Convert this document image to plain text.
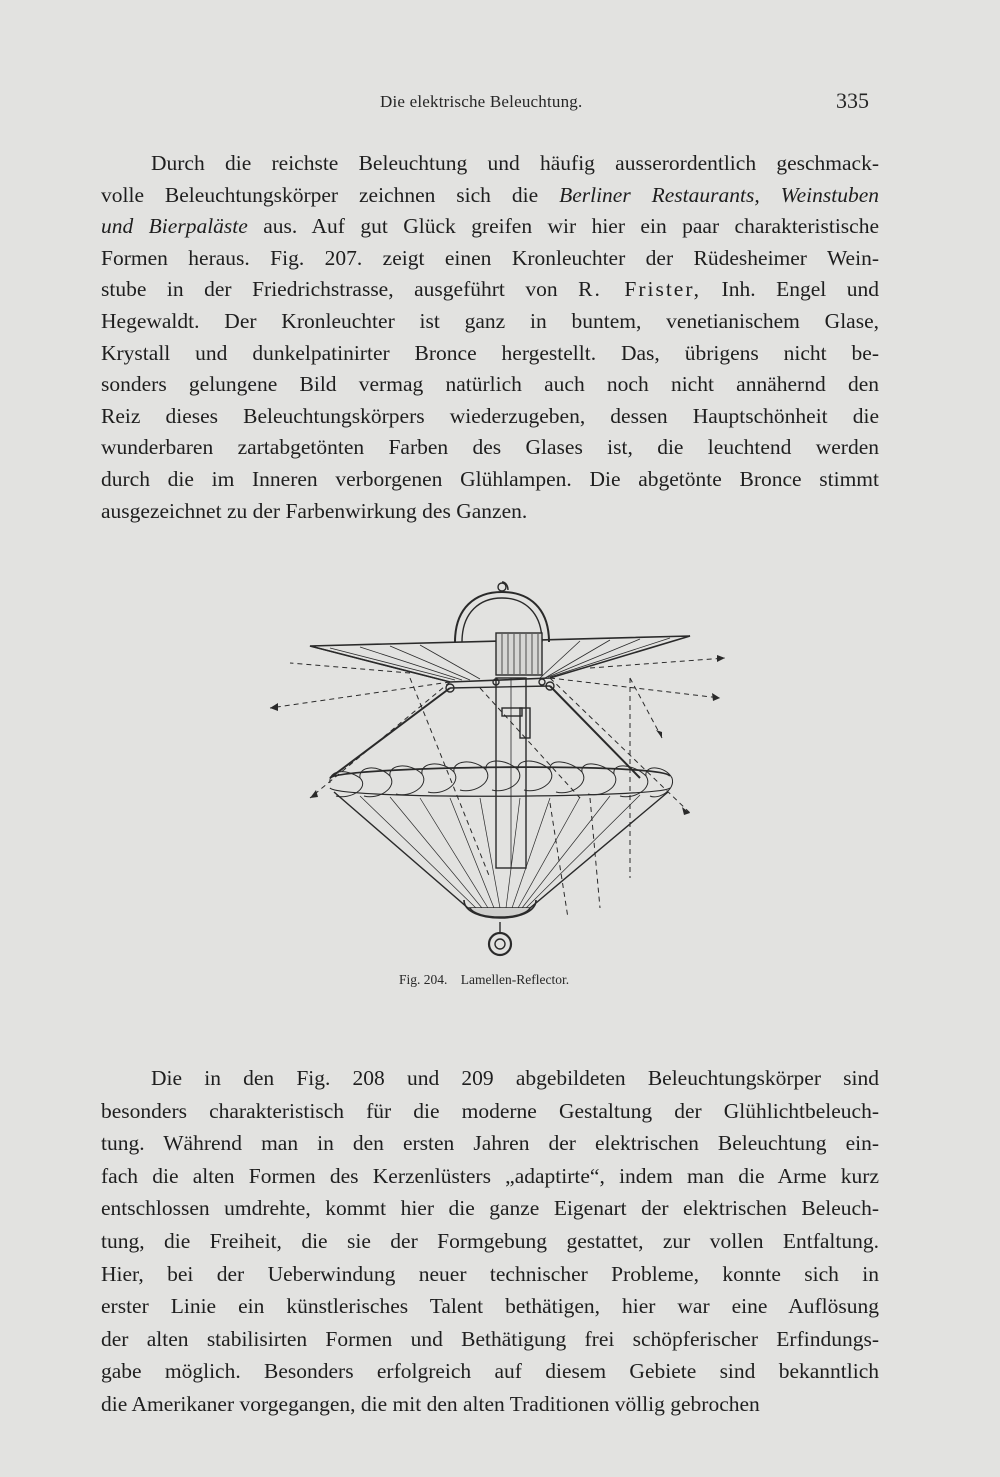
Die elektrische Beleuchtung.	335

Durch die reichste Beleuchtung und häufig ausserordentlich geschmack-
volle Beleuchtungskörper zeichnen sich die Berliner Restaurants, Weinstuben
und Bierpaläste aus. Auf gut Glück greifen wir hier ein paar charakteristische
Formen heraus. Fig. 207. zeigt einen Kronleuchter der Rüdesheimer Wein-
stube in der Friedrichstrasse, ausgeführt von R. Frister, Inh. Engel und
Hegewaldt. Der Kronleuchter ist ganz in buntem, venetianischem Glase,
Krystall und dunkelpatinirter Bronce hergestellt. Das, übrigens nicht be-
sonders gelungene Bild vermag natürlich auch noch nicht annähernd den
Reiz dieses Beleuchtungskörpers wiederzugeben, dessen Hauptschönheit die
wunderbaren zartabgetönten Farben des Glases ist, die leuchtend werden
durch die im Inneren verborgenen Glühlampen. Die abgetönte Bronce stimmt
ausgezeichnet zu der Farbenwirkung des Ganzen.

Fig. 204. Lamellen-Reflector.

Die in den Fig. 208 und 209 abgebildeten Beleuchtungskörper sind
besonders charakteristisch für die moderne Gestaltung der Glühlichtbeleuch-
tung. Während man in den ersten Jahren der elektrischen Beleuchtung ein-
fach die alten Formen des Kerzenlüsters „adaptirte“, indem man die Arme kurz
entschlossen umdrehte, kommt hier die ganze Eigenart der elektrischen Beleuch-
tung, die Freiheit, die sie der Formgebung gestattet, zur vollen Entfaltung.
Hier, bei der Ueberwindung neuer technischer Probleme, konnte sich in
erster Linie ein künstlerisches Talent bethätigen, hier war eine Auflösung
der alten stabilisirten Formen und Bethätigung frei schöpferischer Erfindungs-
gabe möglich. Besonders erfolgreich auf diesem Gebiete sind bekanntlich
die Amerikaner vorgegangen, die mit den alten Traditionen völlig gebrochen
